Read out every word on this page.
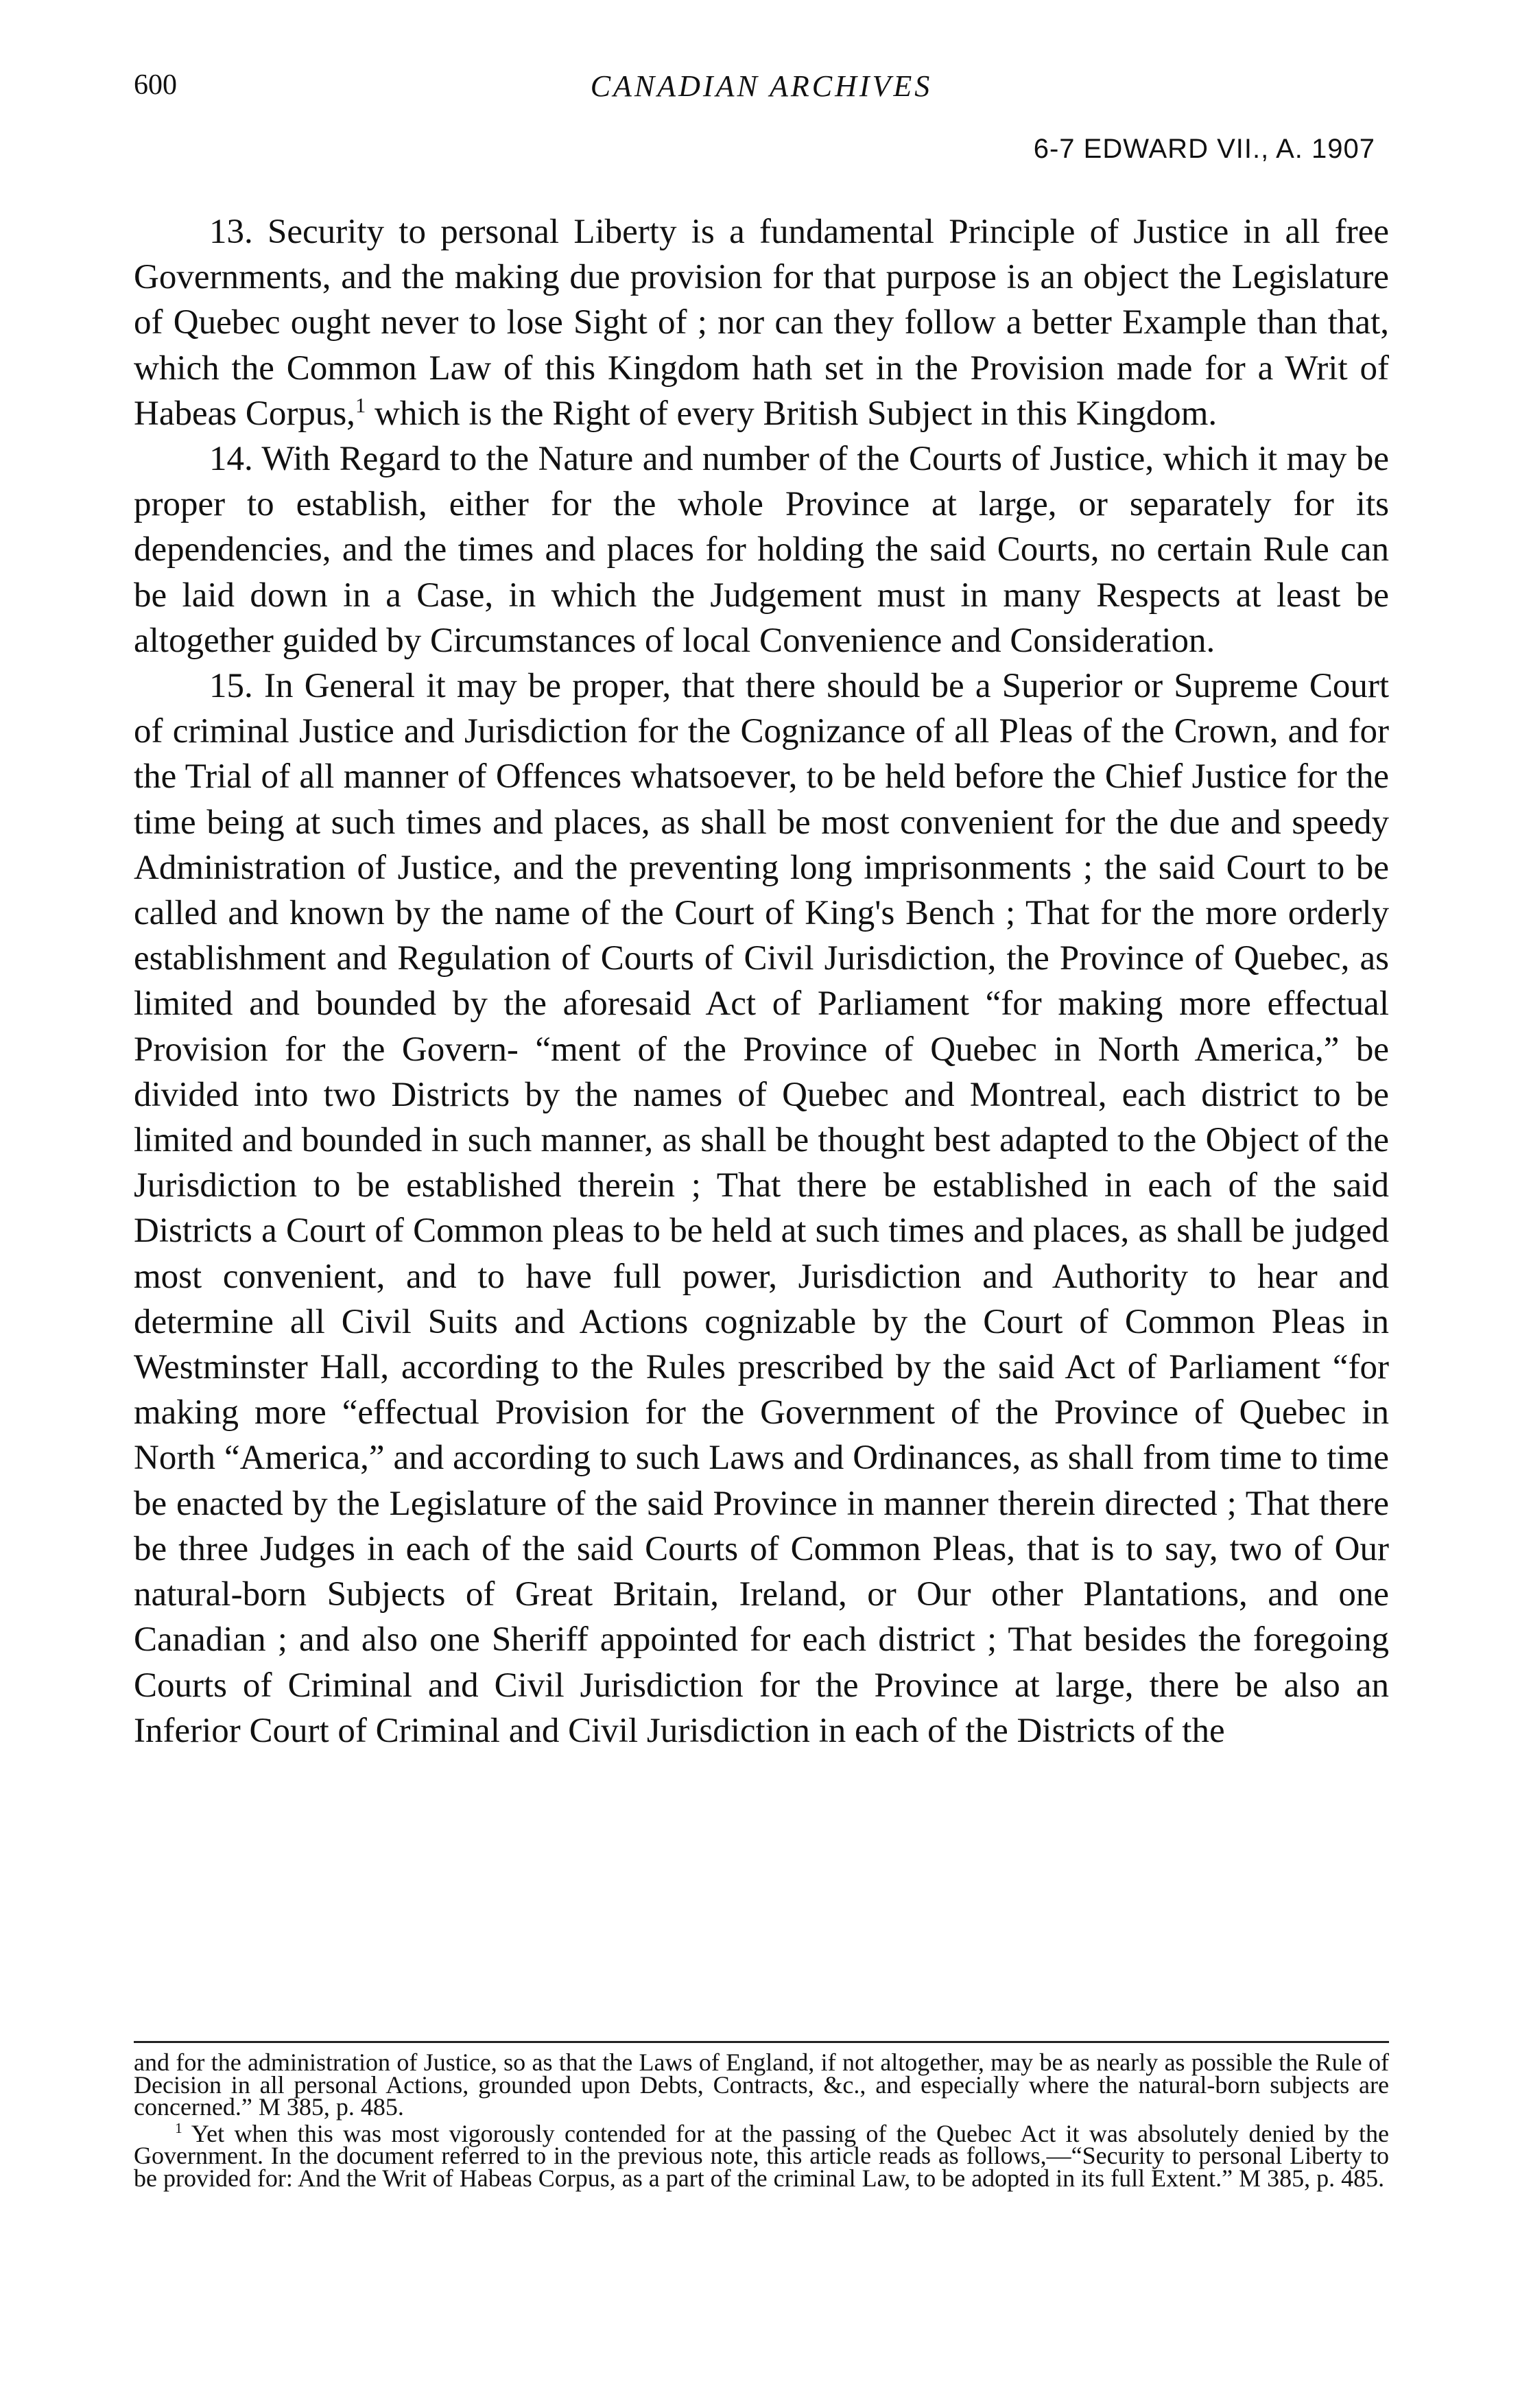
600	CANADIAN ARCHIVES
6-7 EDWARD VII., A. 1907

13. Security to personal Liberty is a fundamental Principle of Justice in all free Governments, and the making due provision for that purpose is an object the Legislature of Quebec ought never to lose Sight of ; nor can they follow a better Example than that, which the Common Law of this Kingdom hath set in the Provision made for a Writ of Habeas Corpus,$^1$ which is the Right of every British Subject in this Kingdom.

14. With Regard to the Nature and number of the Courts of Justice, which it may be proper to establish, either for the whole Province at large, or separately for its dependencies, and the times and places for holding the said Courts, no certain Rule can be laid down in a Case, in which the Judgement must in many Respects at least be altogether guided by Circumstances of local Convenience and Consideration.

15. In General it may be proper, that there should be a Superior or Supreme Court of criminal Justice and Jurisdiction for the Cognizance of all Pleas of the Crown, and for the Trial of all manner of Offences whatsoever, to be held before the Chief Justice for the time being at such times and places, as shall be most convenient for the due and speedy Administration of Justice, and the preventing long imprisonments ; the said Court to be called and known by the name of the Court of King's Bench ; That for the more orderly establishment and Regulation of Courts of Civil Jurisdiction, the Province of Quebec, as limited and bounded by the aforesaid Act of Parliament “for making more effectual Provision for the Govern- “ment of the Province of Quebec in North America,” be divided into two Districts by the names of Quebec and Montreal, each district to be limited and bounded in such manner, as shall be thought best adapted to the Object of the Jurisdiction to be established therein ; That there be established in each of the said Districts a Court of Common pleas to be held at such times and places, as shall be judged most convenient, and to have full power, Jurisdiction and Authority to hear and determine all Civil Suits and Actions cognizable by the Court of Common Pleas in Westminster Hall, according to the Rules prescribed by the said Act of Parliament “for making more “effectual Provision for the Government of the Province of Quebec in North “America,” and according to such Laws and Ordinances, as shall from time to time be enacted by the Legislature of the said Province in manner therein directed ; That there be three Judges in each of the said Courts of Common Pleas, that is to say, two of Our natural-born Subjects of Great Britain, Ireland, or Our other Plantations, and one Canadian ; and also one Sheriff appointed for each district ; That besides the foregoing Courts of Criminal and Civil Jurisdiction for the Province at large, there be also an Inferior Court of Criminal and Civil Jurisdiction in each of the Districts of the

and for the administration of Justice, so as that the Laws of England, if not altogether, may be as nearly as possible the Rule of Decision in all personal Actions, grounded upon Debts, Contracts, &c., and especially where the natural-born subjects are concerned.” M 385, p. 485.

$^1$ Yet when this was most vigorously contended for at the passing of the Quebec Act it was absolutely denied by the Government. In the document referred to in the previous note, this article reads as follows,—“Security to personal Liberty to be provided for: And the Writ of Habeas Corpus, as a part of the criminal Law, to be adopted in its full Extent.” M 385, p. 485.
